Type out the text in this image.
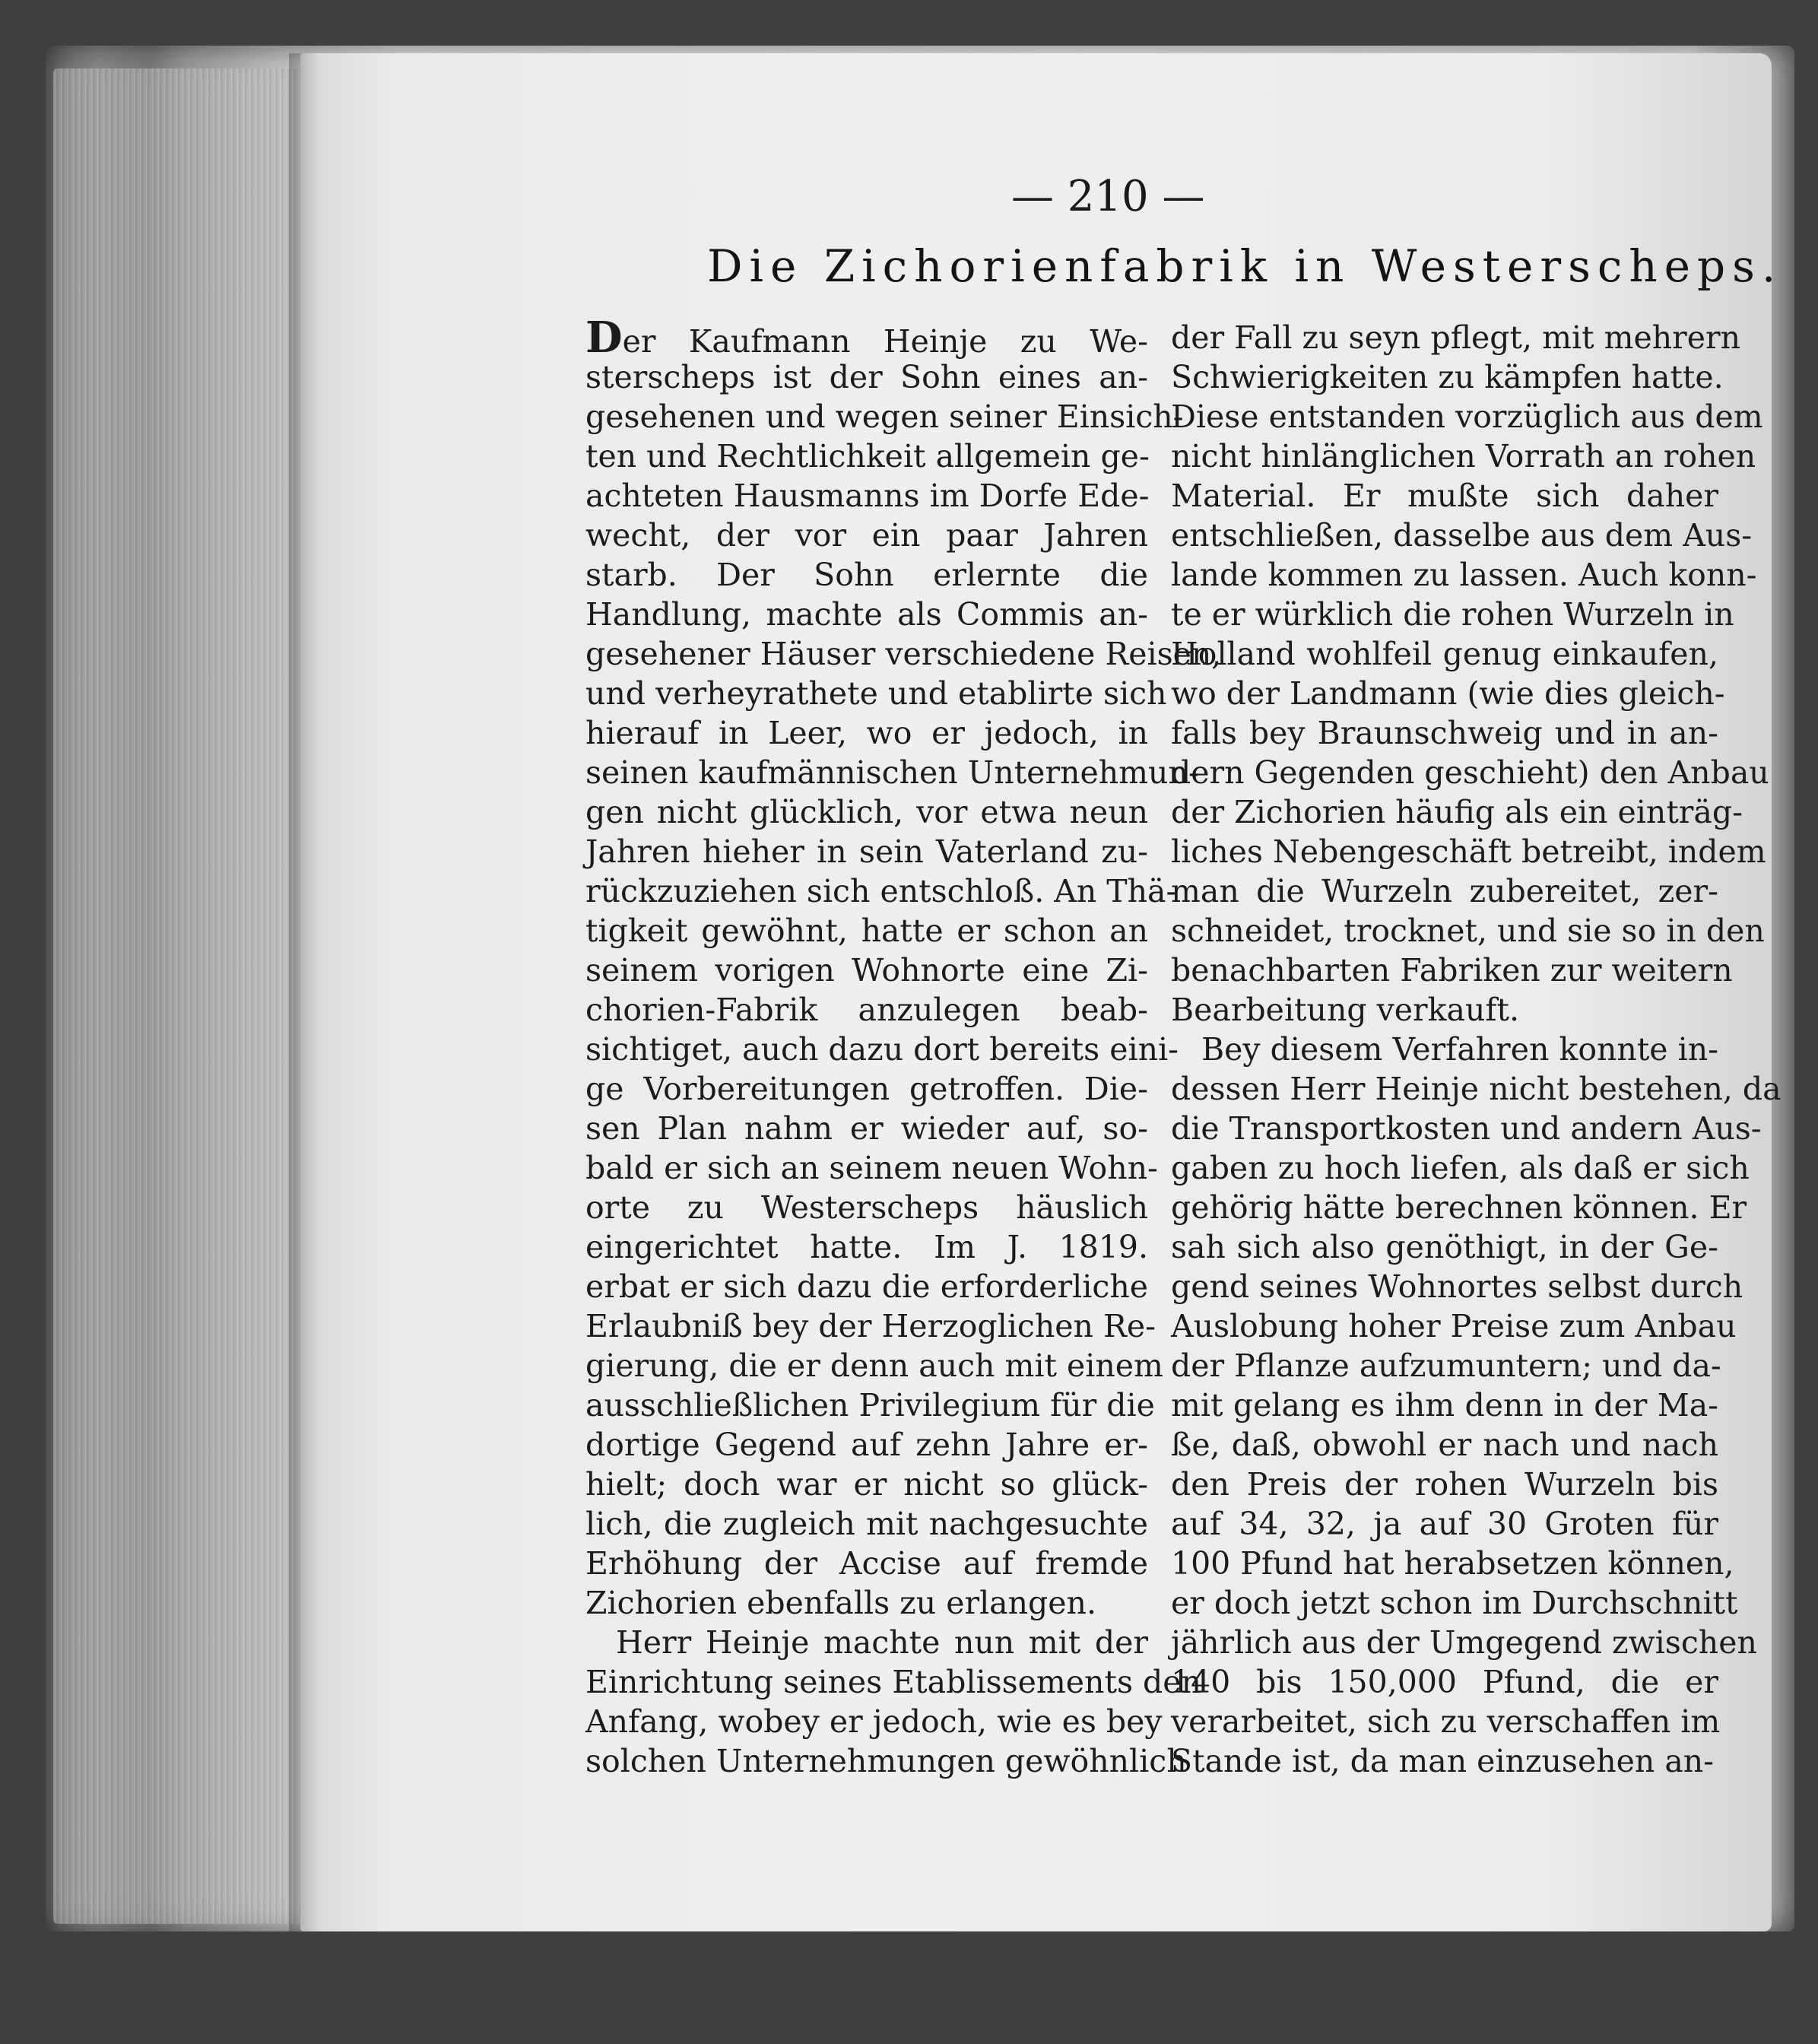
— 210 —
Die Zichorienfabrik in Westerscheps.
Der Kaufmann Heinje zu We-
sterscheps ist der Sohn eines an-
gesehenen und wegen seiner Einsich-
ten und Rechtlichkeit allgemein ge-
achteten Hausmanns im Dorfe Ede-
wecht, der vor ein paar Jahren
starb. Der Sohn erlernte die
Handlung, machte als Commis an-
gesehener Häuser verschiedene Reisen,
und verheyrathete und etablirte sich
hierauf in Leer, wo er jedoch, in
seinen kaufmännischen Unternehmun-
gen nicht glücklich, vor etwa neun
Jahren hieher in sein Vaterland zu-
rückzuziehen sich entschloß. An Thä-
tigkeit gewöhnt, hatte er schon an
seinem vorigen Wohnorte eine Zi-
chorien-Fabrik anzulegen beab-
sichtiget, auch dazu dort bereits eini-
ge Vorbereitungen getroffen. Die-
sen Plan nahm er wieder auf, so-
bald er sich an seinem neuen Wohn-
orte zu Westerscheps häuslich
eingerichtet hatte. Im J. 1819.
erbat er sich dazu die erforderliche
Erlaubniß bey der Herzoglichen Re-
gierung, die er denn auch mit einem
ausschließlichen Privilegium für die
dortige Gegend auf zehn Jahre er-
hielt; doch war er nicht so glück-
lich, die zugleich mit nachgesuchte
Erhöhung der Accise auf fremde
Zichorien ebenfalls zu erlangen.
Herr Heinje machte nun mit der
Einrichtung seines Etablissements den
Anfang, wobey er jedoch, wie es bey
solchen Unternehmungen gewöhnlich
der Fall zu seyn pflegt, mit mehrern
Schwierigkeiten zu kämpfen hatte.
Diese entstanden vorzüglich aus dem
nicht hinlänglichen Vorrath an rohen
Material. Er mußte sich daher
entschließen, dasselbe aus dem Aus-
lande kommen zu lassen. Auch konn-
te er würklich die rohen Wurzeln in
Holland wohlfeil genug einkaufen,
wo der Landmann (wie dies gleich-
falls bey Braunschweig und in an-
dern Gegenden geschieht) den Anbau
der Zichorien häufig als ein einträg-
liches Nebengeschäft betreibt, indem
man die Wurzeln zubereitet, zer-
schneidet, trocknet, und sie so in den
benachbarten Fabriken zur weitern
Bearbeitung verkauft.
Bey diesem Verfahren konnte in-
dessen Herr Heinje nicht bestehen, da
die Transportkosten und andern Aus-
gaben zu hoch liefen, als daß er sich
gehörig hätte berechnen können. Er
sah sich also genöthigt, in der Ge-
gend seines Wohnortes selbst durch
Auslobung hoher Preise zum Anbau
der Pflanze aufzumuntern; und da-
mit gelang es ihm denn in der Ma-
ße, daß, obwohl er nach und nach
den Preis der rohen Wurzeln bis
auf 34, 32, ja auf 30 Groten für
100 Pfund hat herabsetzen können,
er doch jetzt schon im Durchschnitt
jährlich aus der Umgegend zwischen
140 bis 150,000 Pfund, die er
verarbeitet, sich zu verschaffen im
Stande ist, da man einzusehen an-
